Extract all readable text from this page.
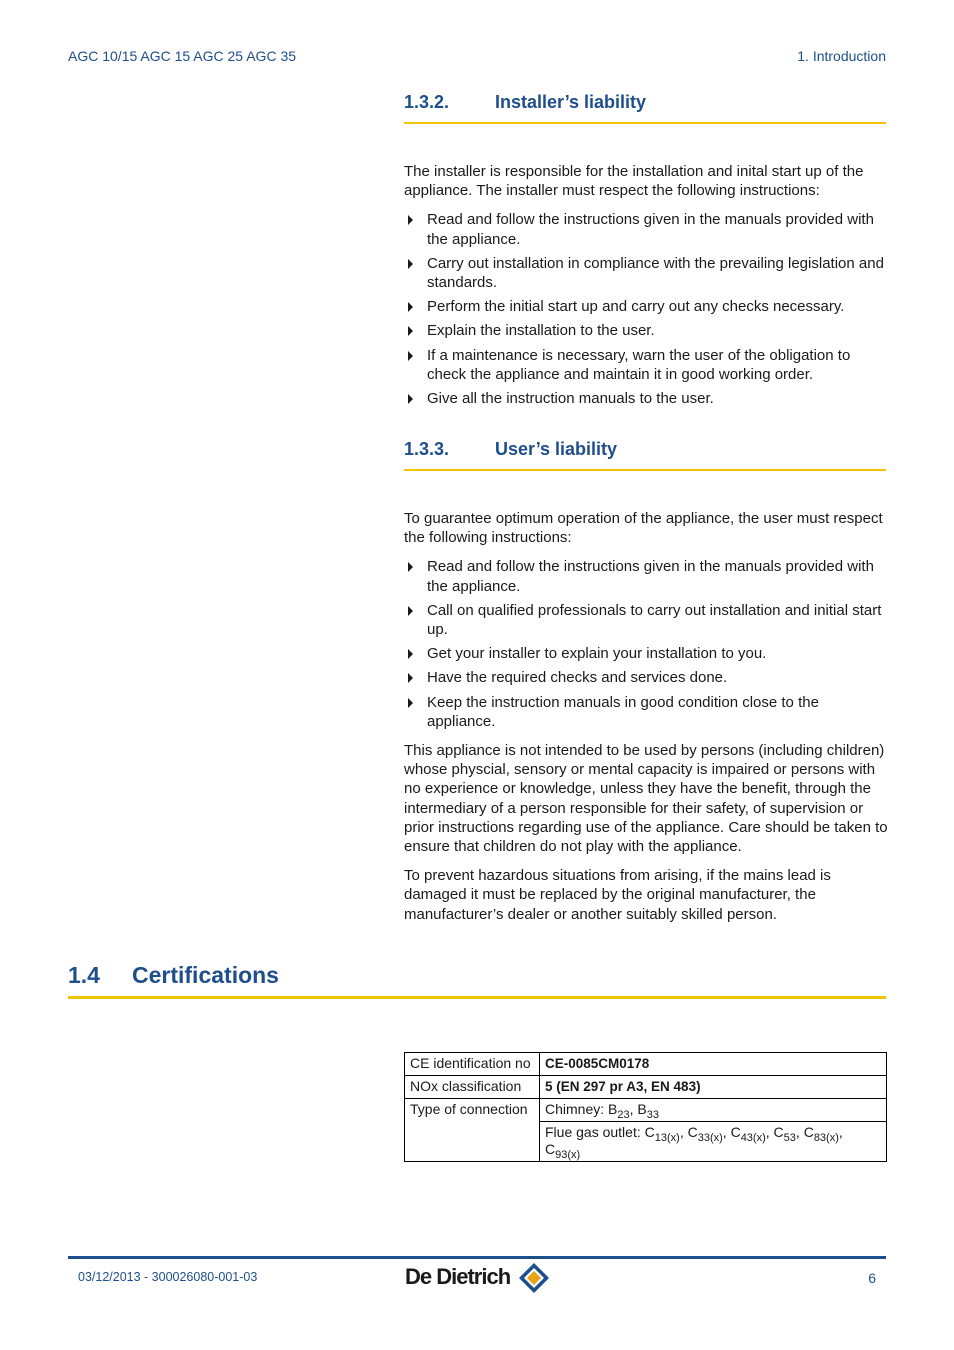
AGC 10/15 AGC 15 AGC 25 AGC 35	1. Introduction
1.3.2.	Installer’s liability

The installer is responsible for the installation and inital start up of the appliance. The installer must respect the following instructions:

Read and follow the instructions given in the manuals provided with the appliance.
Carry out installation in compliance with the prevailing legislation and standards.
Perform the initial start up and carry out any checks necessary.
Explain the installation to the user.
If a maintenance is necessary, warn the user of the obligation to check the appliance and maintain it in good working order.
Give all the instruction manuals to the user.
1.3.3.	User’s liability

To guarantee optimum operation of the appliance, the user must respect the following instructions:

Read and follow the instructions given in the manuals provided with the appliance.
Call on qualified professionals to carry out installation and initial start up.
Get your installer to explain your installation to you.
Have the required checks and services done.
Keep the instruction manuals in good condition close to the appliance.

This appliance is not intended to be used by persons (including children) whose physcial, sensory or mental capacity is impaired or persons with no experience or knowledge, unless they have the benefit, through the intermediary of a person responsible for their safety, of supervision or prior instructions regarding use of the appliance. Care should be taken to ensure that children do not play with the appliance.

To prevent hazardous situations from arising, if the mains lead is damaged it must be replaced by the original manufacturer, the manufacturer’s dealer or another suitably skilled person.

1.4 Certifications
CE identification no	CE-0085CM0178
NOx classification	5 (EN 297 pr A3, EN 483)
Type of connection	Chimney: $B_{23}$, $B_{33}$
	Flue gas outlet: $C_{13(x)}$, $C_{33(x)}$, $C_{43(x)}$, $C_{53}$, $C_{83(x)}$, $C_{93(x)}$
03/12/2013 - 300026080-001-03	De Dietrich	6
